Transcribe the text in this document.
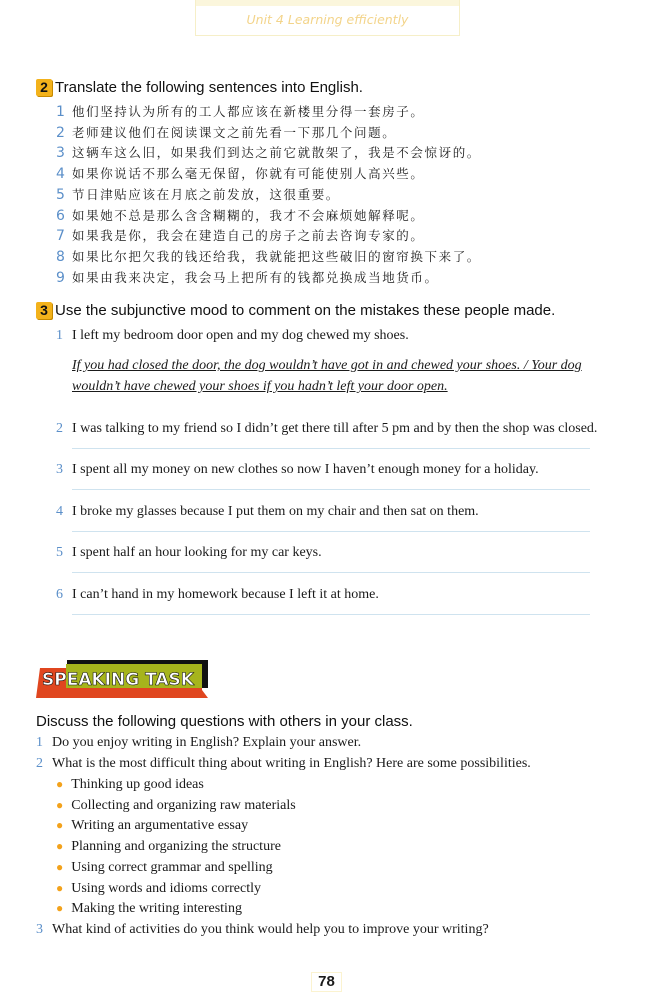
Unit 4 Learning efficiently
2 Translate the following sentences into English.
3 Use the subjunctive mood to comment on the mistakes these people made.
If you had closed the door, the dog wouldn’t have got in and chewed your shoes. / Your dog
wouldn’t have chewed your shoes if you hadn’t left your door open.
SPEAKING TASK
Discuss the following questions with others in your class.
1 Do you enjoy writing in English? Explain your answer.
2 What is the most difficult thing about writing in English? Here are some possibilities.
3 What kind of activities do you think would help you to improve your writing?
78
1 他们坚持认为所有的工人都应该在新楼里分得一套房子。
2 老师建议他们在阅读课文之前先看一下那几个问题。
3 这辆车这么旧，如果我们到达之前它就散架了，我是不会惊讶的。
4 如果你说话不那么毫无保留，你就有可能使别人高兴些。
5 节日津贴应该在月底之前发放，这很重要。
6 如果她不总是那么含含糊糊的，我才不会麻烦她解释呢。
7 如果我是你，我会在建造自己的房子之前去咨询专家的。
8 如果比尔把欠我的钱还给我，我就能把这些破旧的窗帘换下来了。
9 如果由我来决定，我会马上把所有的钱都兑换成当地货币。
1 I left my bedroom door open and my dog chewed my shoes.
2 I was talking to my friend so I didn’t get there till after 5 pm and by then the shop was closed.
3 I spent all my money on new clothes so now I haven’t enough money for a holiday.
4 I broke my glasses because I put them on my chair and then sat on them.
5 I spent half an hour looking for my car keys.
6 I can’t hand in my homework because I left it at home.
● Thinking up good ideas
● Collecting and organizing raw materials
● Writing an argumentative essay
● Planning and organizing the structure
● Using correct grammar and spelling
● Using words and idioms correctly
● Making the writing interesting
